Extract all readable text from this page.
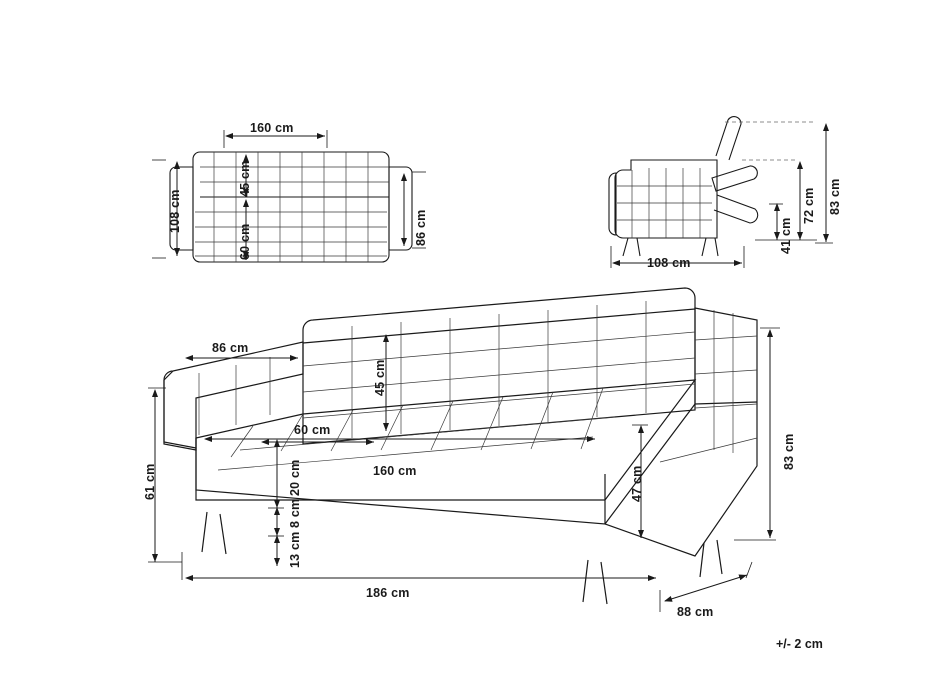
160 cm
108 cm
45 cm
60 cm	86 cm
83 cm
72 cm
41 cm
108 cm
86 cm
45 cm
60 cm
160 cm
61 cm	20 cm
8 cm
13 cm
186 cm
88 cm
83 cm
47 cm
+/- 2 cm
